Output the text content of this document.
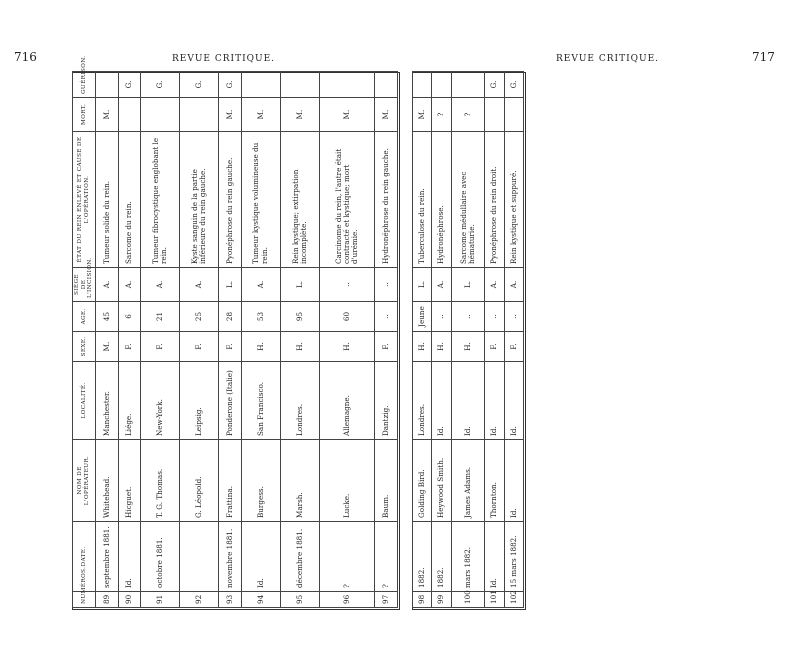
716	REVUE CRITIQUE.	REVUE CRITIQUE.	717
NUMÉROS.	DATE.	NOM DE L'OPÉRATEUR.	LOCALITÉ.	SEXE.	AGE.	SIÈGE DE L'INCISION.	ÉTAT DU REIN ENLEVÉ ET CAUSE DE L'OPÉRATION.	MORT.	GUÉRISON.
89	septembre 1881.	Whitehead.	Manchester.	M.	45	A.	Tumeur solide du rein.	M.	
90	Id.	Hicguet.	Liége.	F.	6	A.	Sarcome du rein.		G.
91	octobre 1881.	T. G. Thomas.	New-York.	F.	21	A.	Tumeur fibrocystique englobant le rein.		G.
92		G. Léopold.	Leipsig.	F.	25	A.	Kyste sanguin de la partie inférieure du rein gauche.		G.
93	novembre 1881.	Frattina.	Ponderone (Italie)	F.	28	L.	Pyonéphrose du rein gauche.	M.	G.
94	Id.	Burgess.	San Francisco.	H.	53	A.	Tumeur kystique volumineuse du rein.	M.	
95	décembre 1881.	Marsh.	Londres.	H.	95	L.	Rein kystique; extirpation incomplète.	M.	
96	?	Lucke.	Allemagne.	H.	60	..	Carcinome du rein, l'autre était contracté et kystique; mort d'urémie.	M.	
97	?	Baum.	Dantzig.	F.	..	..	Hydronéphrose du rein gauche.	M.	
98	1882.	Golding Bird.	Londres.	H.	Jeune	L.	Tuberculose du rein.	M.	
99	1882.	Heywood Smith.	Id.	H.	..	A.	Hydronéphrose.	?	
100	mars 1882.	James Adams.	Id.	H.	..	L.	Sarcome médullaire avec hématurie.	?	
101	Id.	Thornton.	Id.	F.	..	A.	Pyonéphrose du rein droit.		G.
102	15 mars 1882.	Id.	Id.	F.	..	A.	Rein kystique et suppuré.		G.
